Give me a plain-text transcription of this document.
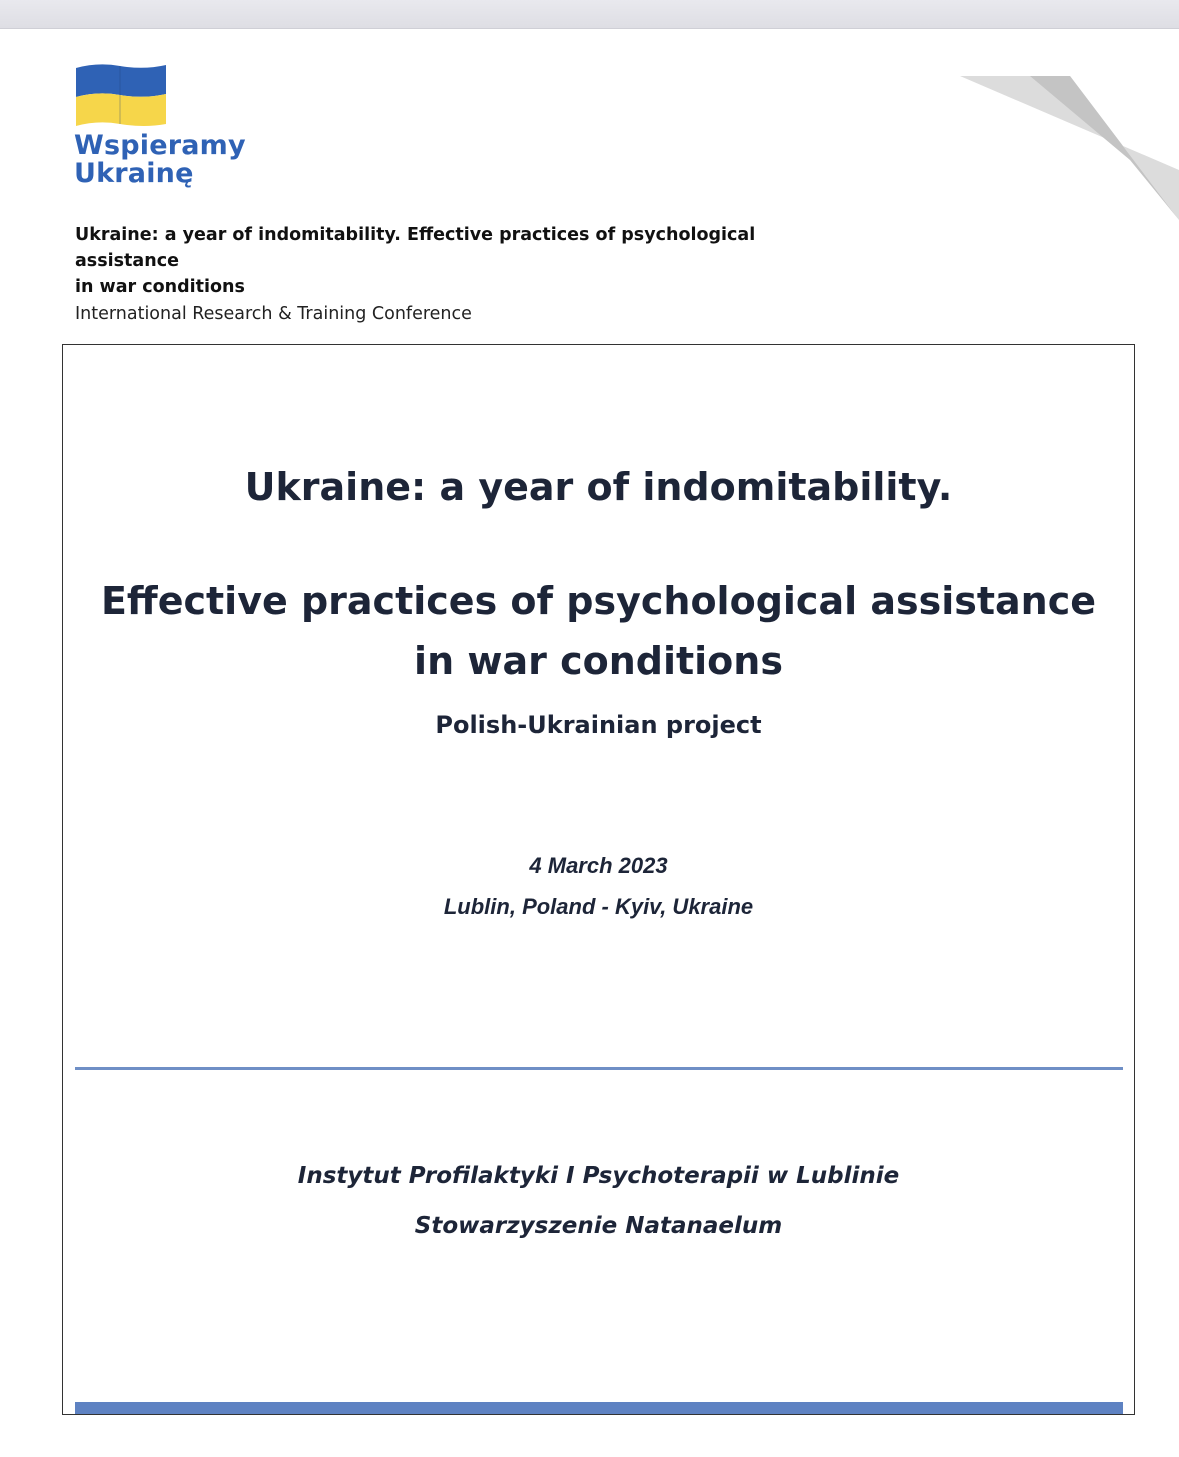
Wspieramy
Ukrainę
Ukraine: a year of indomitability. Effective practices of psychological assistance
in war conditions
International Research & Training Conference
Ukraine: a year of indomitability.
Effective practices of psychological assistance
in war conditions
Polish-Ukrainian project
4 March 2023
Lublin, Poland - Kyiv, Ukraine
Instytut Profilaktyki I Psychoterapii w Lublinie
Stowarzyszenie Natanaelum
